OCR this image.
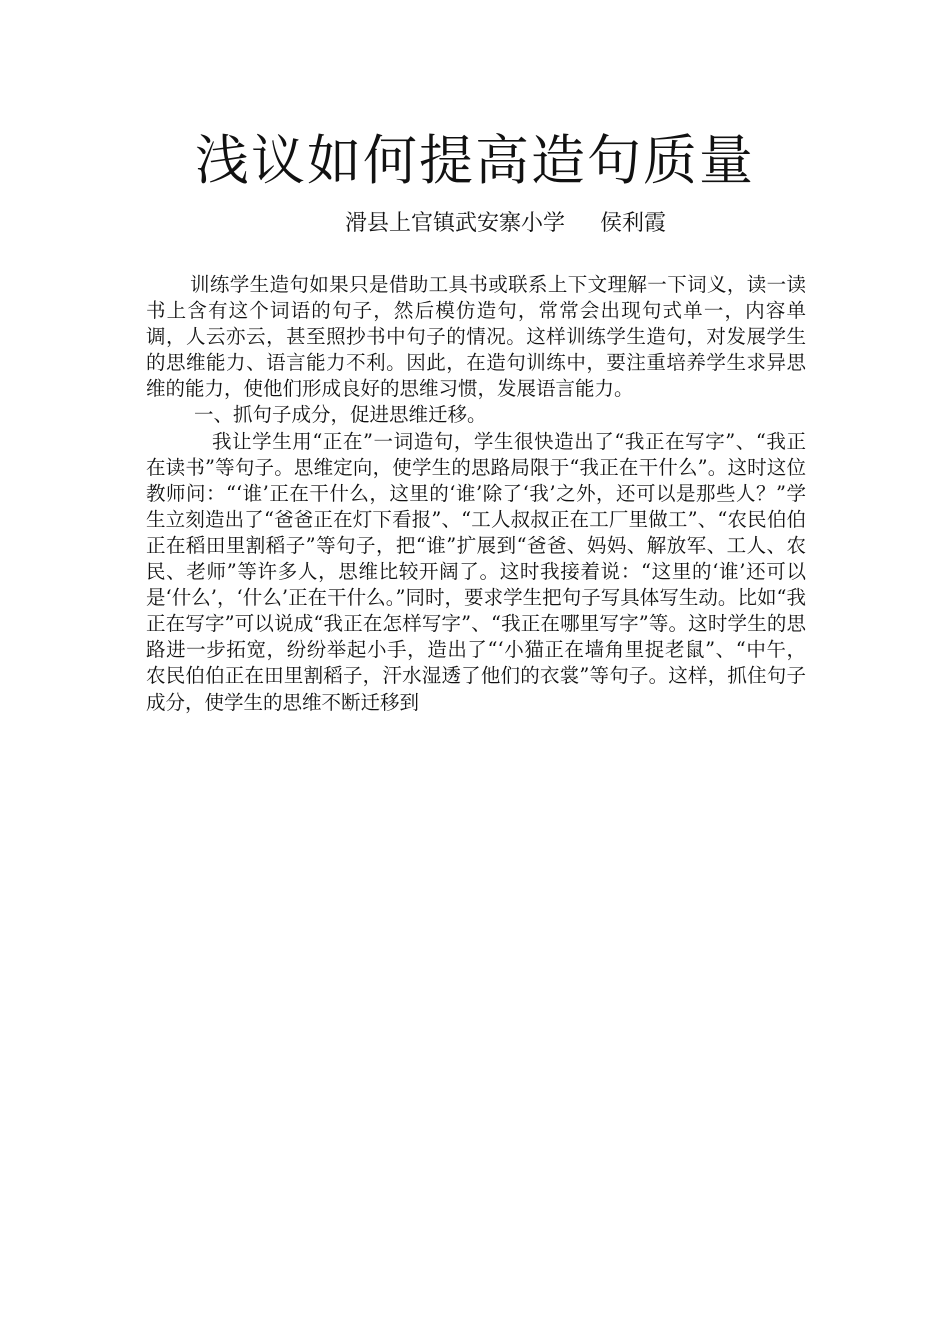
浅议如何提高造句质量
滑县上官镇武安寨小学     侯利霞

训练学生造句如果只是借助工具书或联系上下文理解一下词义，读一读书上含有这个词语的句子，然后模仿造句，常常会出现句式单一，内容单调，人云亦云，甚至照抄书中句子的情况。这样训练学生造句，对发展学生的思维能力、语言能力不利。因此，在造句训练中，要注重培养学生求异思维的能力，使他们形成良好的思维习惯，发展语言能力。

一、抓句子成分，促进思维迁移。

我让学生用“正在”一词造句，学生很快造出了“我正在写字”、“我正在读书”等句子。思维定向，使学生的思路局限于“我正在干什么”。这时这位教师问：“‘谁’正在干什么，这里的‘谁’除了‘我’之外，还可以是那些人？”学生立刻造出了“爸爸正在灯下看报”、“工人叔叔正在工厂里做工”、“农民伯伯正在稻田里割稻子”等句子，把“谁”扩展到“爸爸、妈妈、解放军、工人、农民、老师”等许多人，思维比较开阔了。这时我接着说：“这里的‘谁’还可以是‘什么’，‘什么’正在干什么。”同时，要求学生把句子写具体写生动。比如“我正在写字”可以说成“我正在怎样写字”、“我正在哪里写字”等。这时学生的思路进一步拓宽，纷纷举起小手，造出了“‘小猫正在墙角里捉老鼠”、“中午，农民伯伯正在田里割稻子，汗水湿透了他们的衣裳”等句子。这样，抓住句子成分，使学生的思维不断迁移到
